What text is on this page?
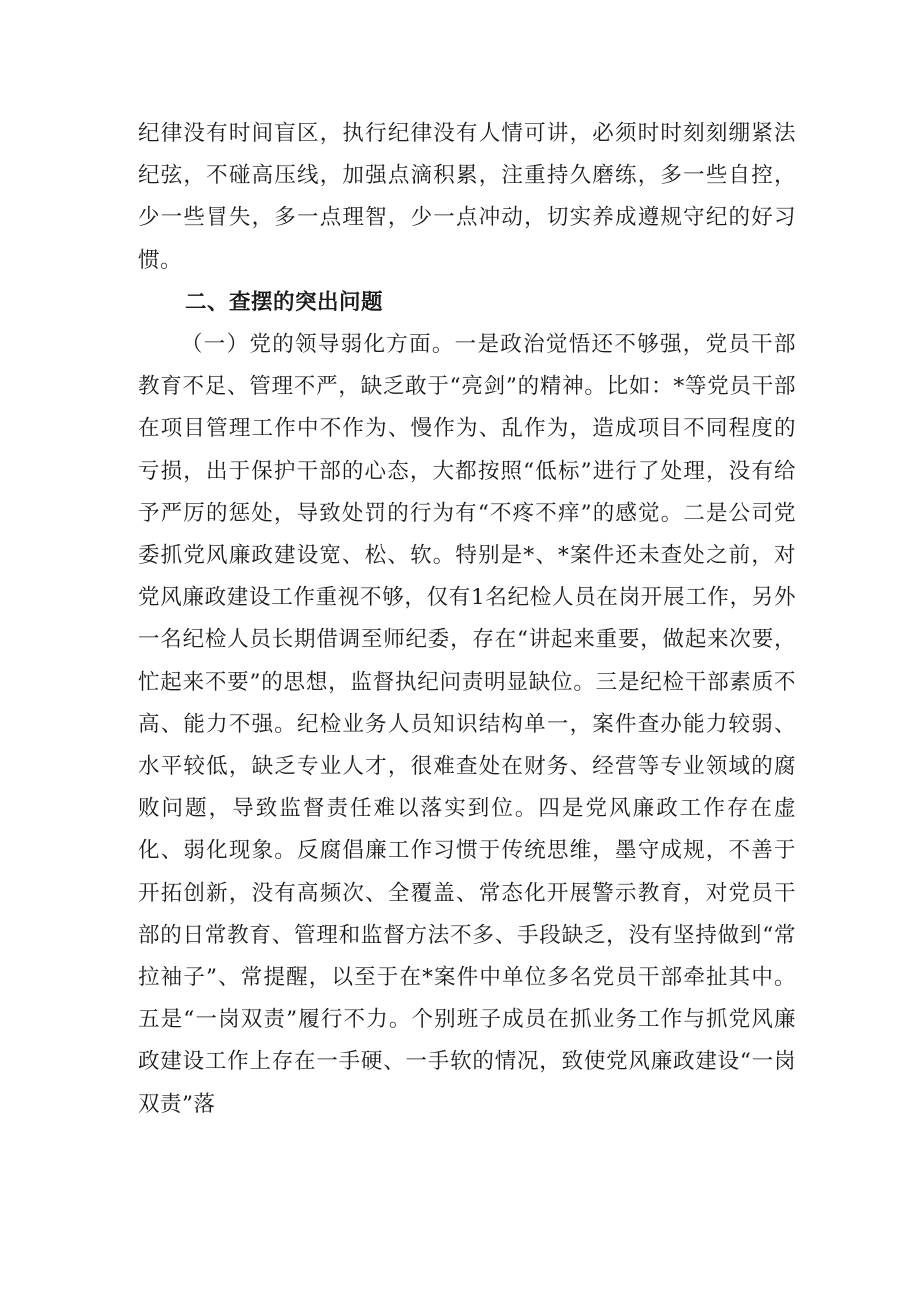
纪律没有时间盲区，执行纪律没有人情可讲，必须时时刻刻绷紧法纪弦，不碰高压线，加强点滴积累，注重持久磨练，多一些自控，少一些冒失，多一点理智，少一点冲动，切实养成遵规守纪的好习惯。

二、查摆的突出问题

（一）党的领导弱化方面。一是政治觉悟还不够强，党员干部教育不足、管理不严，缺乏敢于“亮剑”的精神。比如：*等党员干部在项目管理工作中不作为、慢作为、乱作为，造成项目不同程度的亏损，出于保护干部的心态，大都按照“低标”进行了处理，没有给予严厉的惩处，导致处罚的行为有“不疼不痒”的感觉。二是公司党委抓党风廉政建设宽、松、软。特别是*、*案件还未查处之前，对党风廉政建设工作重视不够，仅有1名纪检人员在岗开展工作，另外一名纪检人员长期借调至师纪委，存在“讲起来重要，做起来次要，忙起来不要”的思想，监督执纪问责明显缺位。三是纪检干部素质不高、能力不强。纪检业务人员知识结构单一，案件查办能力较弱、水平较低，缺乏专业人才，很难查处在财务、经营等专业领域的腐败问题，导致监督责任难以落实到位。四是党风廉政工作存在虚化、弱化现象。反腐倡廉工作习惯于传统思维，墨守成规，不善于开拓创新，没有高频次、全覆盖、常态化开展警示教育，对党员干部的日常教育、管理和监督方法不多、手段缺乏，没有坚持做到“常拉袖子”、常提醒，以至于在*案件中单位多名党员干部牵扯其中。五是“一岗双责”履行不力。个别班子成员在抓业务工作与抓党风廉政建设工作上存在一手硬、一手软的情况，致使党风廉政建设“一岗双责”落
